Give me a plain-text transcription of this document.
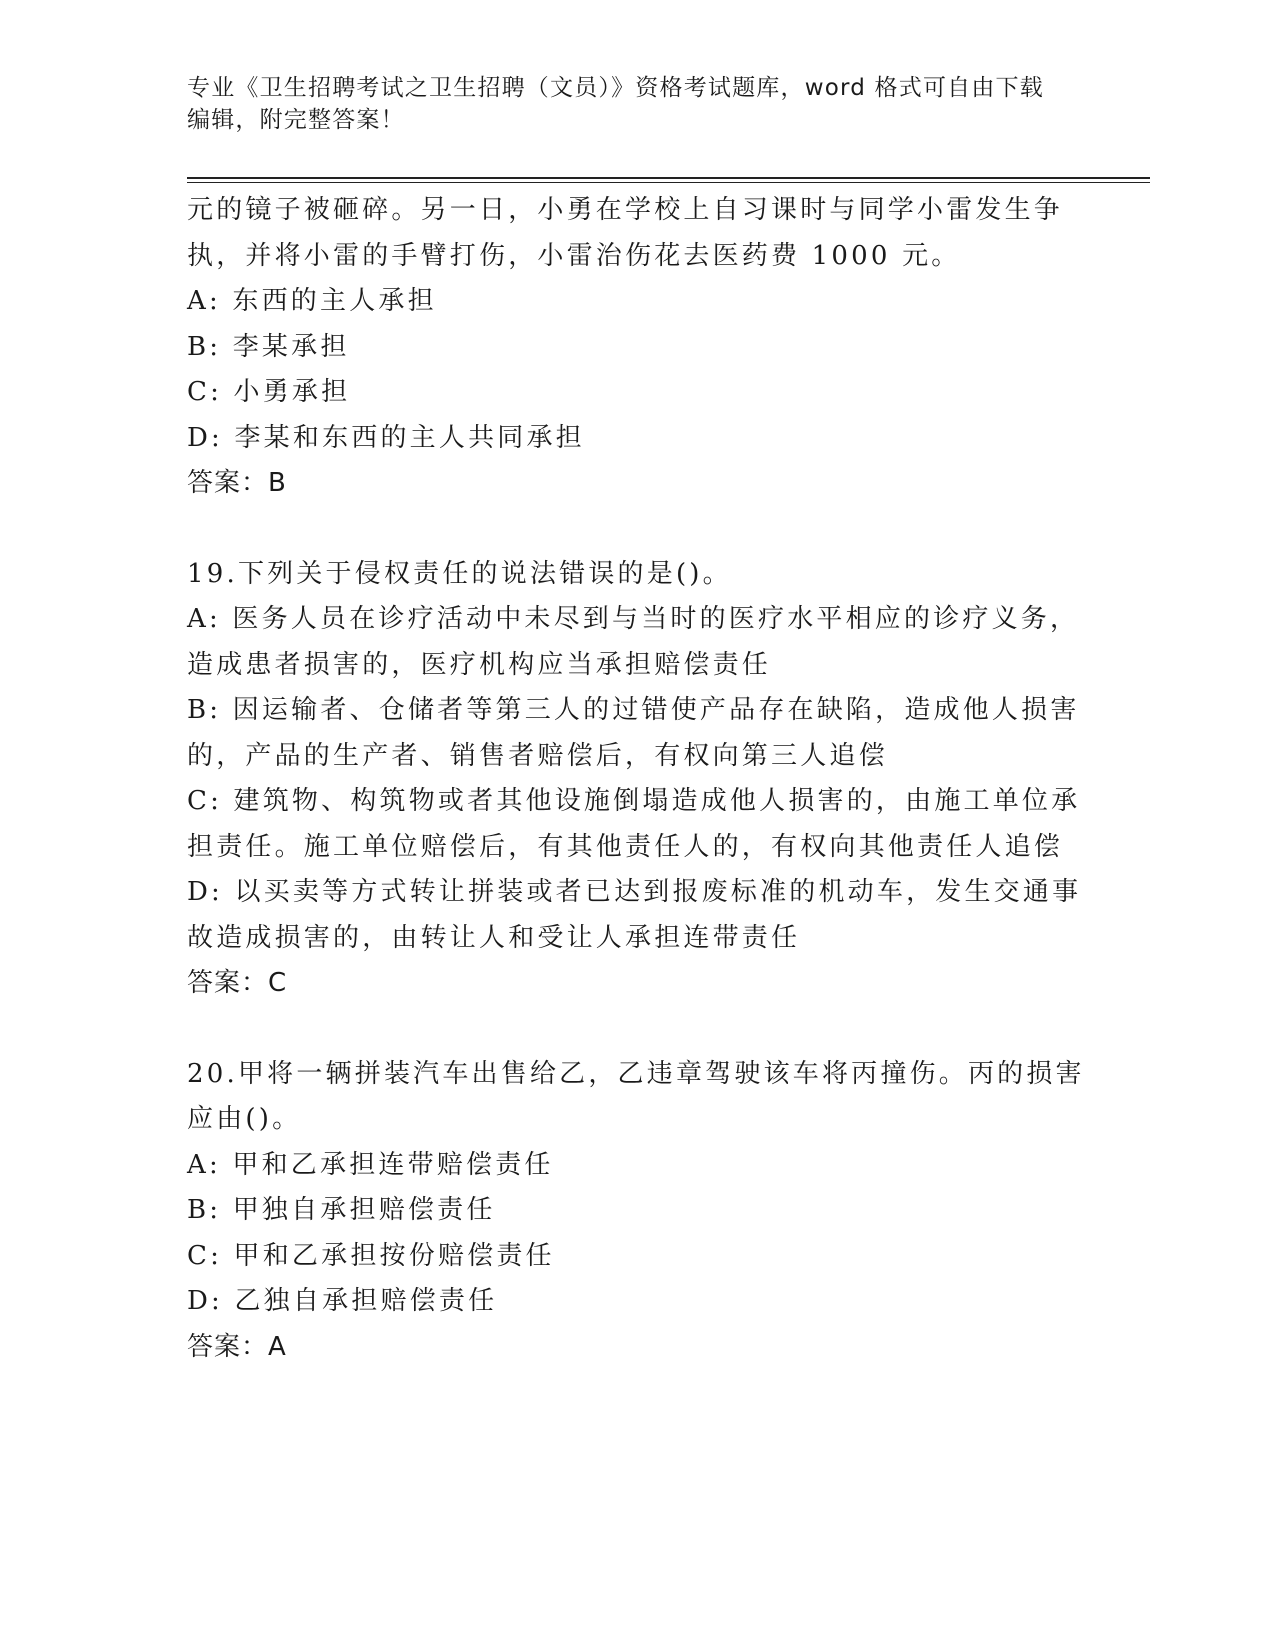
专业《卫生招聘考试之卫生招聘（文员）》资格考试题库，word 格式可自由下载
编辑，附完整答案！
元的镜子被砸碎。另一日，小勇在学校上自习课时与同学小雷发生争
执，并将小雷的手臂打伤，小雷治伤花去医药费 1000 元。
A: 东西的主人承担
B: 李某承担
C: 小勇承担
D: 李某和东西的主人共同承担
答案：B
19.下列关于侵权责任的说法错误的是()。
A: 医务人员在诊疗活动中未尽到与当时的医疗水平相应的诊疗义务，
造成患者损害的，医疗机构应当承担赔偿责任
B: 因运输者、仓储者等第三人的过错使产品存在缺陷，造成他人损害
的，产品的生产者、销售者赔偿后，有权向第三人追偿
C: 建筑物、构筑物或者其他设施倒塌造成他人损害的，由施工单位承
担责任。施工单位赔偿后，有其他责任人的，有权向其他责任人追偿
D: 以买卖等方式转让拼装或者已达到报废标准的机动车，发生交通事
故造成损害的，由转让人和受让人承担连带责任
答案：C
20.甲将一辆拼装汽车出售给乙，乙违章驾驶该车将丙撞伤。丙的损害
应由()。
A: 甲和乙承担连带赔偿责任
B: 甲独自承担赔偿责任
C: 甲和乙承担按份赔偿责任
D: 乙独自承担赔偿责任
答案：A
